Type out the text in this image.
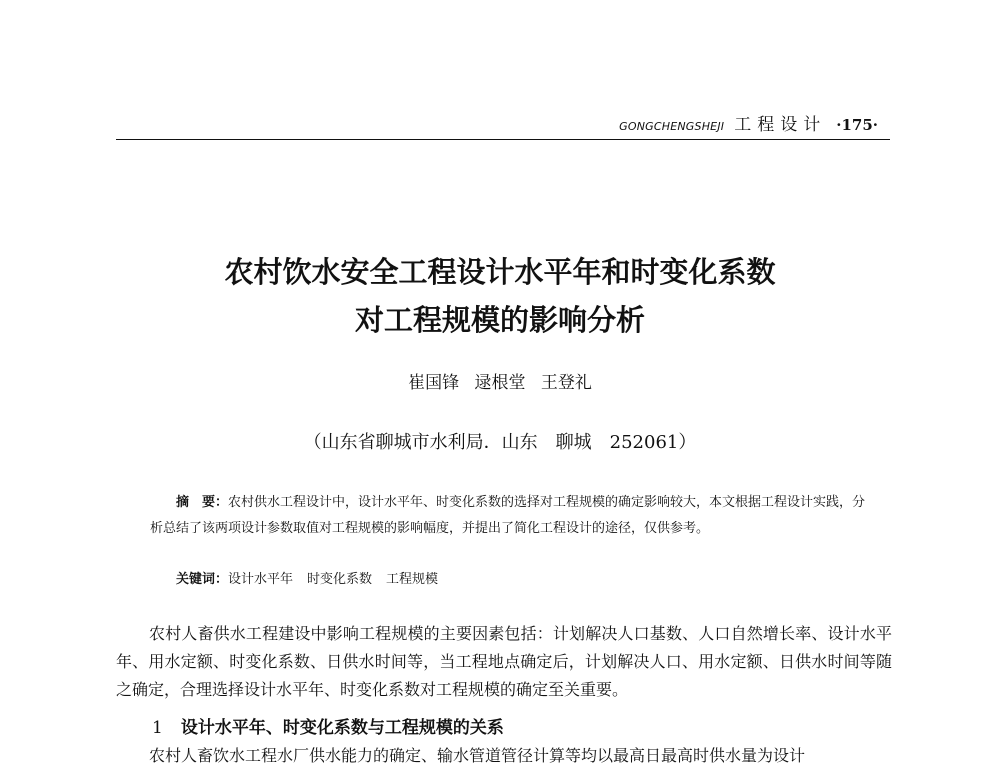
GONGCHENGSHEJI 工程设计 ·175·
农村饮水安全工程设计水平年和时变化系数
对工程规模的影响分析
崔国锋 逯根堂 王登礼
（山东省聊城市水利局．山东　聊城　252061）
摘　要：农村供水工程设计中，设计水平年、时变化系数的选择对工程规模的确定影响较大，本文根据工程设计实践，分析总结了该两项设计参数取值对工程规模的影响幅度，并提出了简化工程设计的途径，仅供参考。
关键词：设计水平年 时变化系数 工程规模
农村人畜供水工程建设中影响工程规模的主要因素包括：计划解决人口基数、人口自然增长率、设计水平年、用水定额、时变化系数、日供水时间等，当工程地点确定后，计划解决人口、用水定额、日供水时间等随之确定，合理选择设计水平年、时变化系数对工程规模的确定至关重要。
1 设计水平年、时变化系数与工程规模的关系
农村人畜饮水工程水厂供水能力的确定、输水管道管径计算等均以最高日最高时供水量为设计
